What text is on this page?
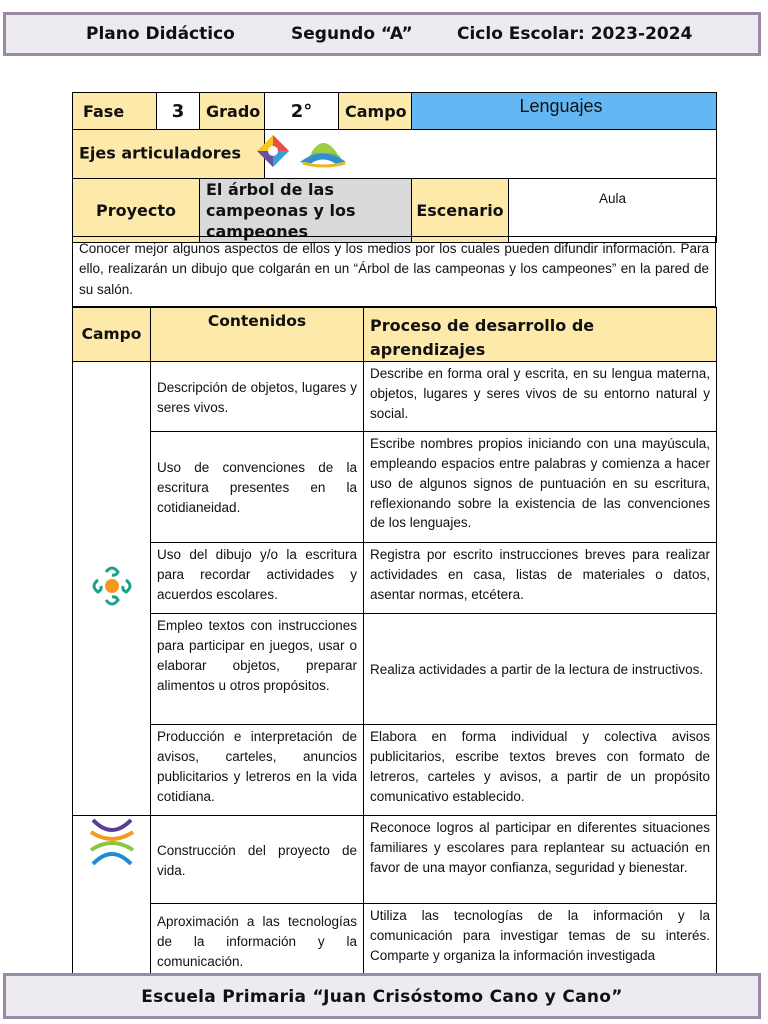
Plano Didáctico	Segundo “A”	Ciclo Escolar: 2023-2024
Fase	3	Grado	2°	Campo	Lenguajes	
Ejes articuladores						
Proyecto		El árbol de las campeonas y los campeones			Escenario	Aula
Conocer mejor algunos aspectos de ellos y los medios por los cuales pueden difundir información. Para ello, realizarán un dibujo que colgarán en un “Árbol de las campeonas y los campeones” en la pared de su salón.
Campo	Contenidos	Proceso de desarrollo de aprendizajes
	Descripción de objetos, lugares y seres vivos.	Describe en forma oral y escrita, en su lengua materna, objetos, lugares y seres vivos de su entorno natural y social.
	Uso de convenciones de la escritura presentes en la cotidianeidad.	Escribe nombres propios iniciando con una mayúscula, empleando espacios entre palabras y comienza a hacer uso de algunos signos de puntuación en su escritura, reflexionando sobre la existencia de las convenciones de los lenguajes.
	Uso del dibujo y/o la escritura para recordar actividades y acuerdos escolares.	Registra por escrito instrucciones breves para realizar actividades en casa, listas de materiales o datos, asentar normas, etcétera.
	Empleo textos con instrucciones para participar en juegos, usar o elaborar objetos, preparar alimentos u otros propósitos.	Realiza actividades a partir de la lectura de instructivos.
	Producción e interpretación de avisos, carteles, anuncios publicitarios y letreros en la vida cotidiana.	Elabora en forma individual y colectiva avisos publicitarios, escribe textos breves con formato de letreros, carteles y avisos, a partir de un propósito comunicativo establecido.
	Construcción del proyecto de vida.	Reconoce logros al participar en diferentes situaciones familiares y escolares para replantear su actuación en favor de una mayor confianza, seguridad y bienestar.
	Aproximación a las tecnologías de la información y la comunicación.	Utiliza las tecnologías de la información y la comunicación para investigar temas de su interés. Comparte y organiza la información investigada
Escuela Primaria “Juan Crisóstomo Cano y Cano”
